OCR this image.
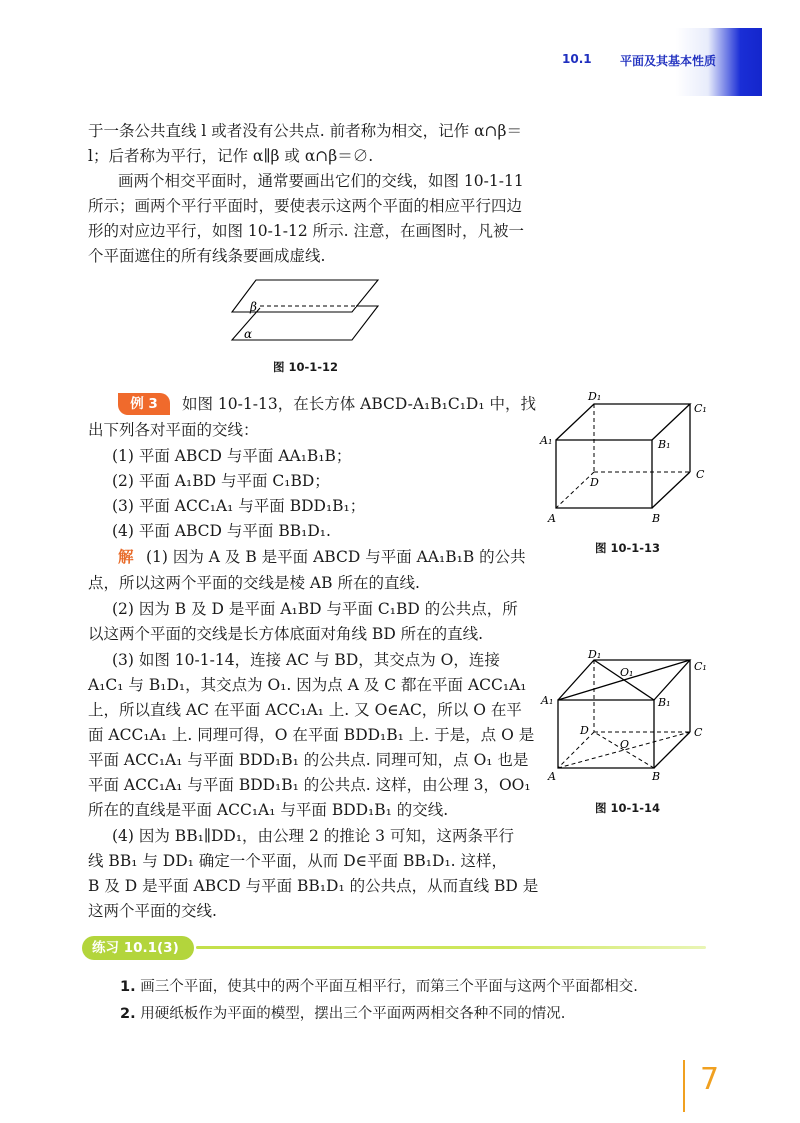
10.1 平面及其基本性质
于一条公共直线 l 或者没有公共点. 前者称为相交，记作 α∩β＝
l；后者称为平行，记作 α∥β 或 α∩β＝∅.
画两个相交平面时，通常要画出它们的交线，如图 10-1-11
所示；画两个平行平面时，要使表示这两个平面的相应平行四边
形的对应边平行，如图 10-1-12 所示. 注意，在画图时，凡被一
个平面遮住的所有线条要画成虚线.
β
α
图 10-1-12
例 3	如图 10-1-13，在长方体 ABCD-A₁B₁C₁D₁ 中，找
出下列各对平面的交线：
(1) 平面 ABCD 与平面 AA₁B₁B；
(2) 平面 A₁BD 与平面 C₁BD；
(3) 平面 ACC₁A₁ 与平面 BDD₁B₁；
(4) 平面 ABCD 与平面 BB₁D₁.
解 (1) 因为 A 及 B 是平面 ABCD 与平面 AA₁B₁B 的公共
点，所以这两个平面的交线是棱 AB 所在的直线.
(2) 因为 B 及 D 是平面 A₁BD 与平面 C₁BD 的公共点，所
以这两个平面的交线是长方体底面对角线 BD 所在的直线.
(3) 如图 10-1-14，连接 AC 与 BD，其交点为 O，连接
A₁C₁ 与 B₁D₁，其交点为 O₁. 因为点 A 及 C 都在平面 ACC₁A₁
上，所以直线 AC 在平面 ACC₁A₁ 上. 又 O∈AC，所以 O 在平
面 ACC₁A₁ 上. 同理可得，O 在平面 BDD₁B₁ 上. 于是，点 O 是
平面 ACC₁A₁ 与平面 BDD₁B₁ 的公共点. 同理可知，点 O₁ 也是
平面 ACC₁A₁ 与平面 BDD₁B₁ 的公共点. 这样，由公理 3，OO₁
所在的直线是平面 ACC₁A₁ 与平面 BDD₁B₁ 的交线.
(4) 因为 BB₁∥DD₁，由公理 2 的推论 3 可知，这两条平行
线 BB₁ 与 DD₁ 确定一个平面，从而 D∈平面 BB₁D₁. 这样，
B 及 D 是平面 ABCD 与平面 BB₁D₁ 的公共点，从而直线 BD 是
这两个平面的交线.
D₁
C₁
A₁	B₁
C
D
A	B
图 10-1-13
D₁
O₁	C₁
A₁	B₁
D	C
O
A	B
图 10-1-14
练习 10.1(3)
1. 画三个平面，使其中的两个平面互相平行，而第三个平面与这两个平面都相交.
2. 用硬纸板作为平面的模型，摆出三个平面两两相交各种不同的情况.
7
